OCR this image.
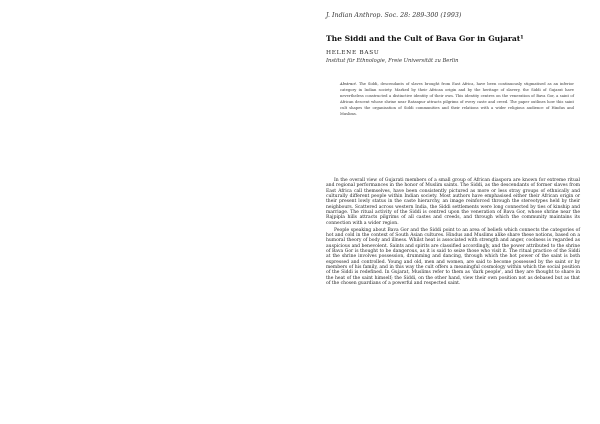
J. Indian Anthrop. Soc. 28: 289-300 (1993)
The Siddi and the Cult of Bava Gor in Gujarat¹
HELENE BASU
Institut für Ethnologie, Freie Universität zu Berlin

Abstract. The Siddi, descendants of slaves brought from East Africa, have been continuously stigmatised as an inferior category in Indian society. Marked by their African origin and by the heritage of slavery, the Siddi of Gujarat have nevertheless constructed a distinctive identity of their own. This identity centres on the veneration of Bava Gor, a saint of African descent whose shrine near Ratanpur attracts pilgrims of every caste and creed. The paper outlines how this saint cult shapes the organisation of Siddi communities and their relations with a wider religious audience of Hindus and Muslims.

In the overall view of Gujarati members of a small group of African diaspora are known for extreme ritual and regional performances in the honor of Muslim saints. The Siddi, as the descendants of former slaves from East Africa call themselves, have been consistently pictured as more or less stray groups of ethnically and culturally different people within Indian society. Most authors have emphasised either their African origin or their present lowly status in the caste hierarchy, an image reinforced through the stereotypes held by their neighbours. Scattered across western India, the Siddi settlements were long connected by ties of kinship and marriage. The ritual activity of the Siddi is centred upon the veneration of Bava Gor, whose shrine near the Rajpipla hills attracts pilgrims of all castes and creeds, and through which the community maintains its connection with a wider region.

People speaking about Bava Gor and the Siddi point to an area of beliefs which connects the categories of hot and cold in the context of South Asian cultures. Hindus and Muslims alike share these notions, based on a humoral theory of body and illness. Whilst heat is associated with strength and anger, coolness is regarded as auspicious and benevolent. Saints and spirits are classified accordingly, and the power attributed to the shrine of Bava Gor is thought to be dangerous, as it is said to seize those who visit it. The ritual practice of the Siddi at the shrine involves possession, drumming and dancing, through which the hot power of the saint is both expressed and controlled. Young and old, men and women, are said to become possessed by the saint or by members of his family, and in this way the cult offers a meaningful cosmology within which the social position of the Siddi is redefined. In Gujarat, Muslims refer to them as 'dark people', and they are thought to share in the heat of the saint himself; the Siddi, on the other hand, view their own position not as debased but as that of the chosen guardians of a powerful and respected saint.
